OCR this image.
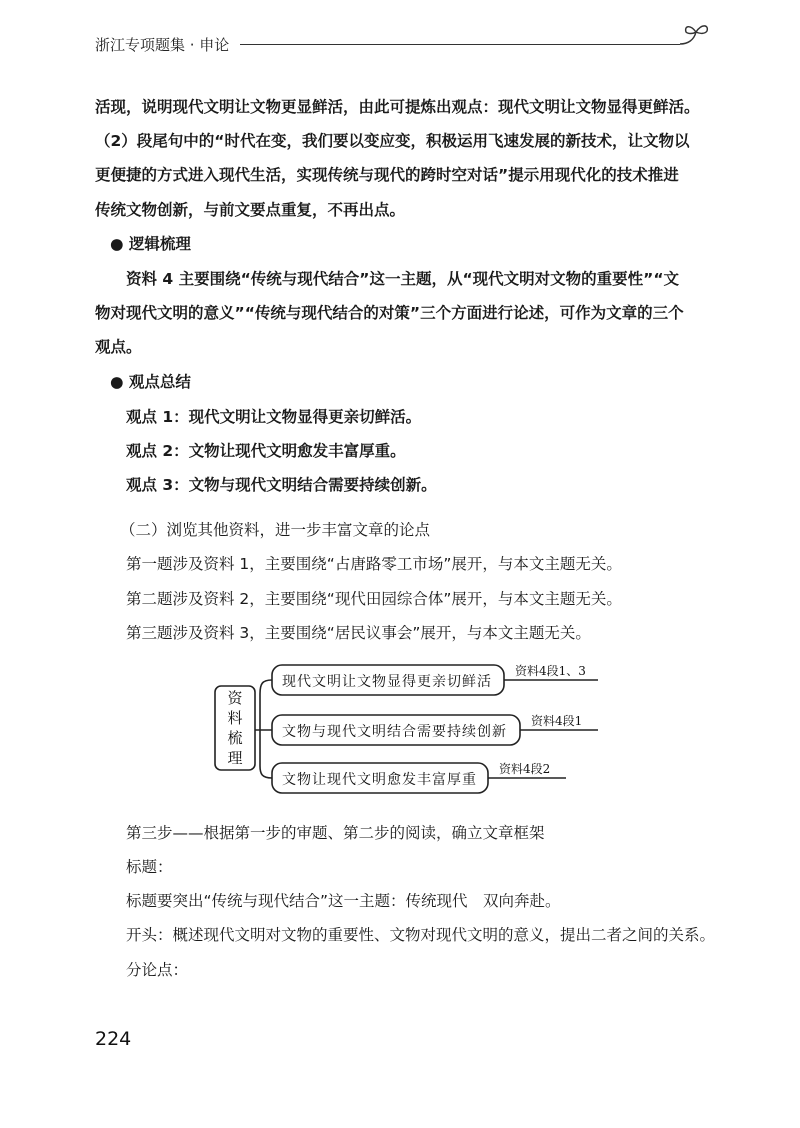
浙江专项题集 · 申论
活现，说明现代文明让文物更显鲜活，由此可提炼出观点：现代文明让文物显得更鲜活。
（2）段尾句中的“时代在变，我们要以变应变，积极运用飞速发展的新技术，让文物以
更便捷的方式进入现代生活，实现传统与现代的跨时空对话”提示用现代化的技术推进
传统文物创新，与前文要点重复，不再出点。
● 逻辑梳理
资料 4 主要围绕“传统与现代结合”这一主题，从“现代文明对文物的重要性”“文
物对现代文明的意义”“传统与现代结合的对策”三个方面进行论述，可作为文章的三个
观点。
● 观点总结
观点 1：现代文明让文物显得更亲切鲜活。
观点 2：文物让现代文明愈发丰富厚重。
观点 3：文物与现代文明结合需要持续创新。
（二）浏览其他资料，进一步丰富文章的论点
第一题涉及资料 1，主要围绕“占唐路零工市场”展开，与本文主题无关。
第二题涉及资料 2，主要围绕“现代田园综合体”展开，与本文主题无关。
第三题涉及资料 3，主要围绕“居民议事会”展开，与本文主题无关。
资
料
梳
理
现代文明让文物显得更亲切鲜活
文物与现代文明结合需要持续创新
文物让现代文明愈发丰富厚重
资料4段1、3
资料4段1
资料4段2
第三步——根据第一步的审题、第二步的阅读，确立文章框架
标题：
标题要突出“传统与现代结合”这一主题：传统现代　双向奔赴。
开头：概述现代文明对文物的重要性、文物对现代文明的意义，提出二者之间的关系。
分论点：
224
